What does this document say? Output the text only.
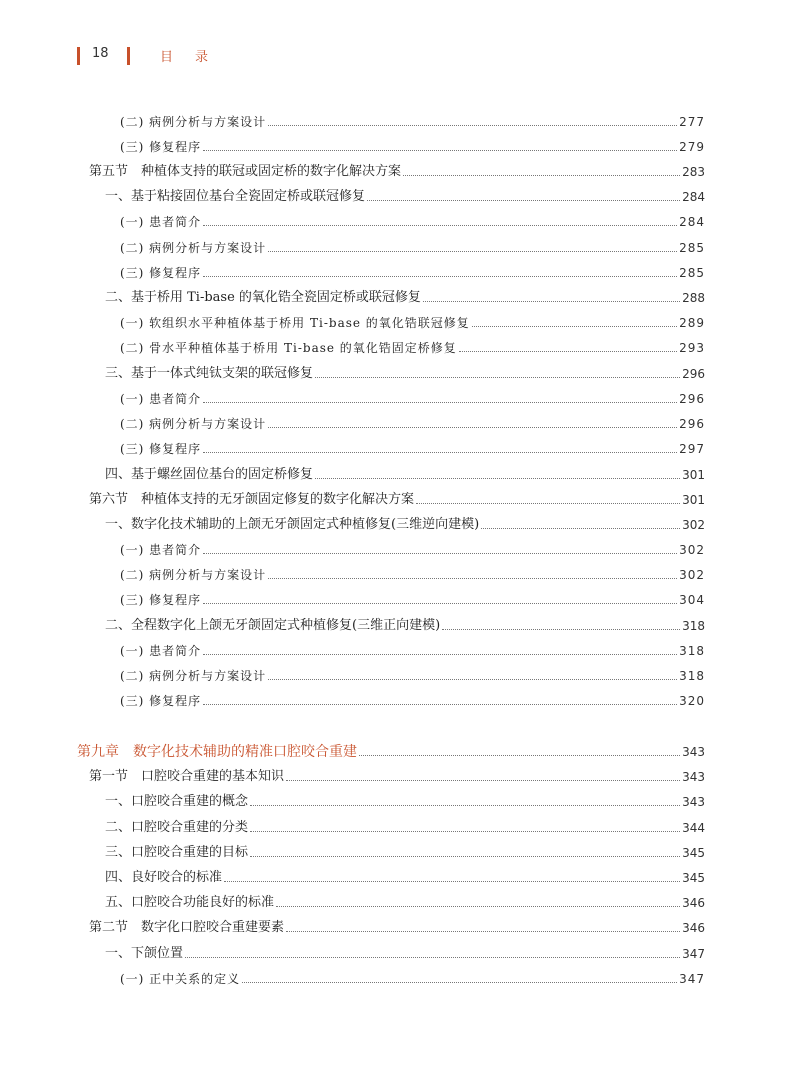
18	目录
(二) 病例分析与方案设计	277
(三) 修复程序	279
第五节　种植体支持的联冠或固定桥的数字化解决方案	283
一、基于粘接固位基台全瓷固定桥或联冠修复	284
(一) 患者简介	284
(二) 病例分析与方案设计	285
(三) 修复程序	285
二、基于桥用 Ti-base 的氧化锆全瓷固定桥或联冠修复	288
(一) 软组织水平种植体基于桥用 Ti-base 的氧化锆联冠修复	289
(二) 骨水平种植体基于桥用 Ti-base 的氧化锆固定桥修复	293
三、基于一体式纯钛支架的联冠修复	296
(一) 患者简介	296
(二) 病例分析与方案设计	296
(三) 修复程序	297
四、基于螺丝固位基台的固定桥修复	301
第六节　种植体支持的无牙颌固定修复的数字化解决方案	301
一、数字化技术辅助的上颌无牙颌固定式种植修复(三维逆向建模)	302
(一) 患者简介	302
(二) 病例分析与方案设计	302
(三) 修复程序	304
二、全程数字化上颌无牙颌固定式种植修复(三维正向建模)	318
(一) 患者简介	318
(二) 病例分析与方案设计	318
(三) 修复程序	320
第九章　数字化技术辅助的精准口腔咬合重建	343
第一节　口腔咬合重建的基本知识	343
一、口腔咬合重建的概念	343
二、口腔咬合重建的分类	344
三、口腔咬合重建的目标	345
四、良好咬合的标准	345
五、口腔咬合功能良好的标准	346
第二节　数字化口腔咬合重建要素	346
一、下颌位置	347
(一) 正中关系的定义	347
